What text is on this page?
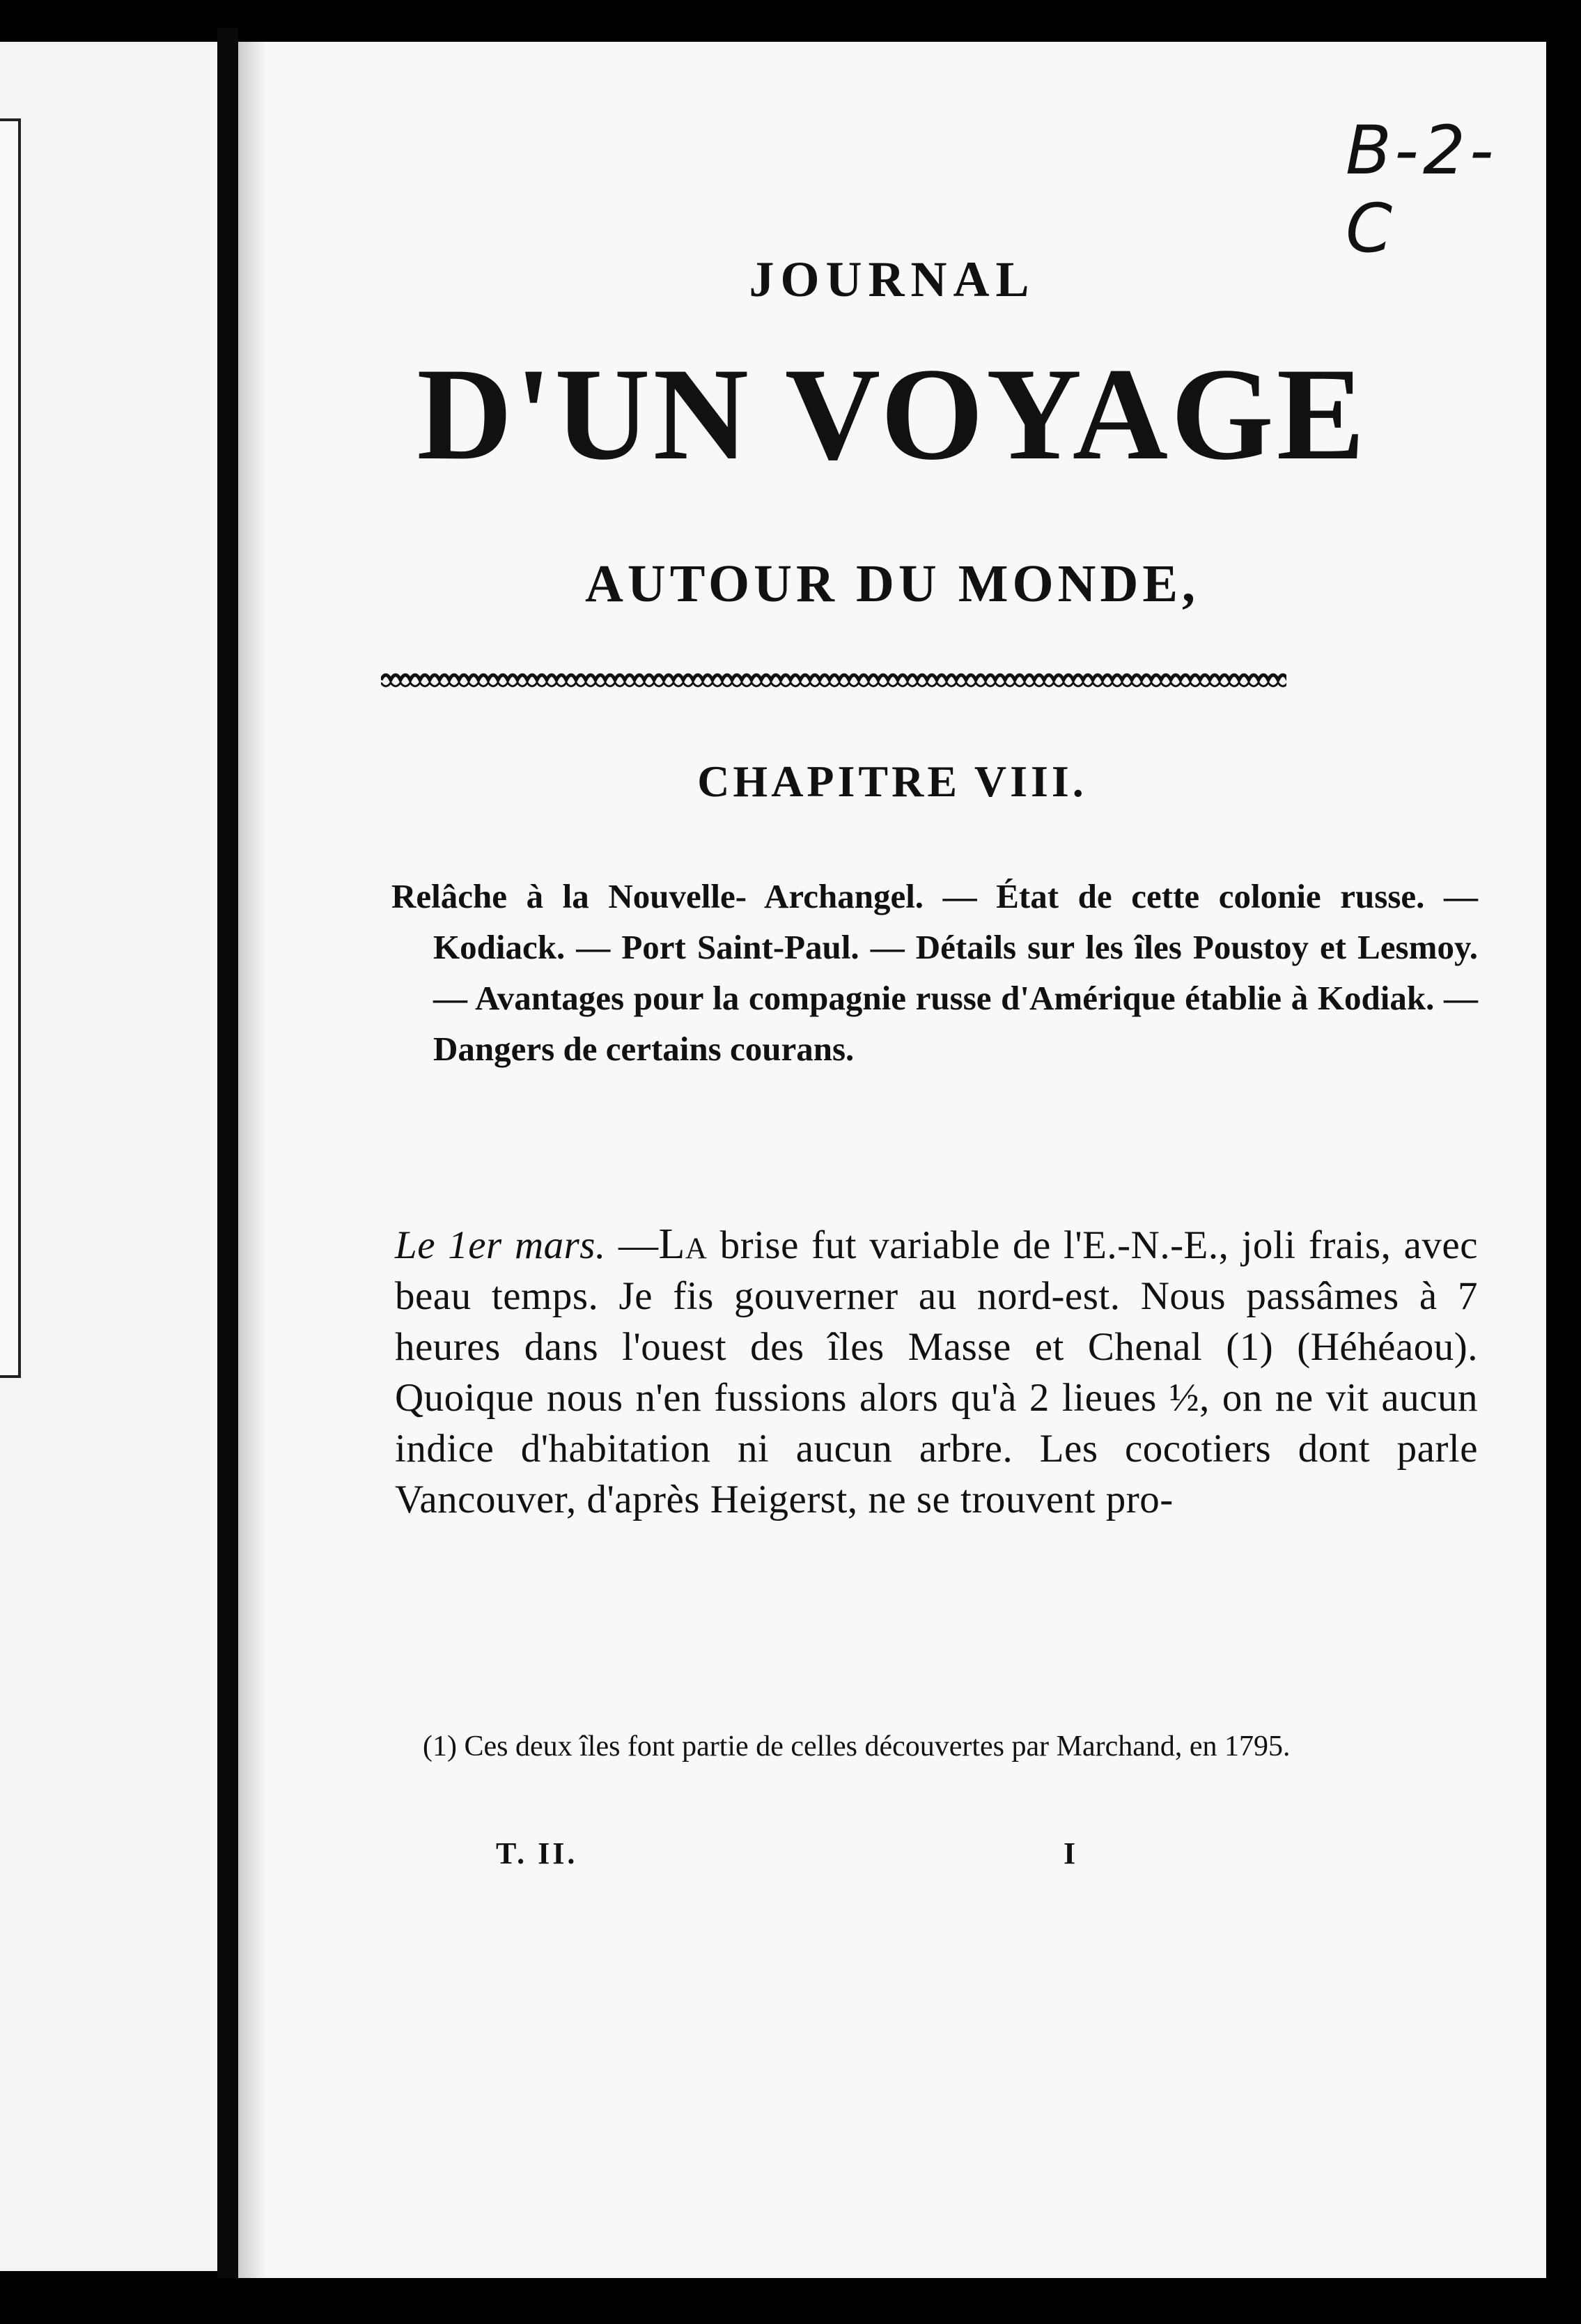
B-2-C
JOURNAL
D'UN VOYAGE
AUTOUR DU MONDE,
CHAPITRE VIII.
Relâche à la Nouvelle- Archangel. — État de cette colonie russe. — Kodiack. — Port Saint-Paul. — Détails sur les îles Poustoy et Lesmoy. — Avantages pour la compagnie russe d'Amérique établie à Kodiak. — Dangers de certains courans.
Le 1er mars. —La brise fut variable de l'E.-N.-E., joli frais, avec beau temps. Je fis gouverner au nord-est. Nous passâmes à 7 heures dans l'ouest des îles Masse et Chenal (1) (Héhéaou). Quoique nous n'en fussions alors qu'à 2 lieues ½, on ne vit aucun indice d'habitation ni aucun arbre. Les cocotiers dont parle Vancouver, d'après Heigerst, ne se trouvent pro-
(1) Ces deux îles font partie de celles découvertes par Marchand, en 1795.
T. II.	I
